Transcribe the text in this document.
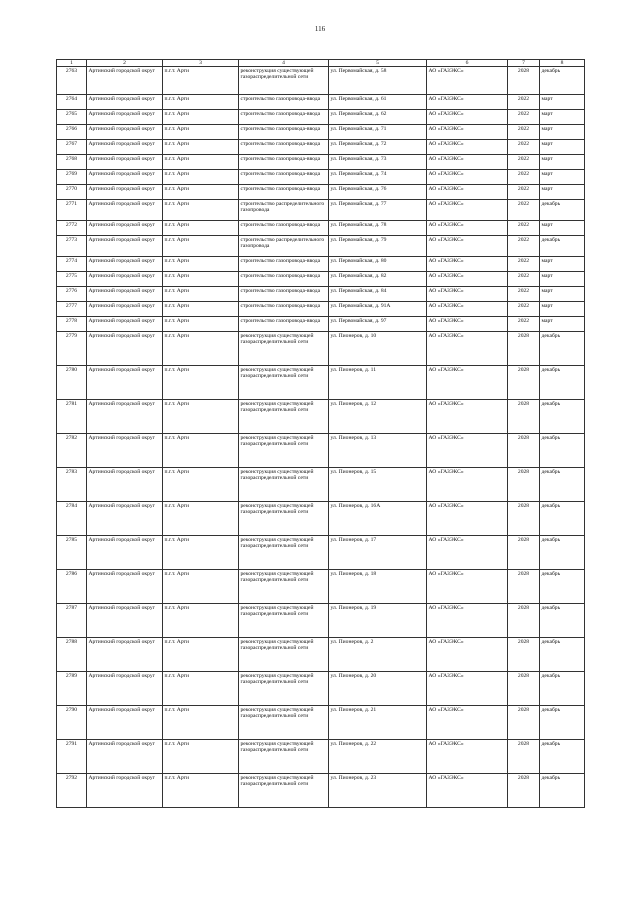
116
1	2	3	4	5	6	7	8
2763	Артинский городской округ	п.г.т. Арти	реконструкция существующей газораспределительной сети	ул. Первомайская, д. 58	АО «ГАЗЭКС»	2028	декабрь
2764	Артинский городской округ	п.г.т. Арти	строительство газопровода-ввода	ул. Первомайская, д. 61	АО «ГАЗЭКС»	2022	март
2765	Артинский городской округ	п.г.т. Арти	строительство газопровода-ввода	ул. Первомайская, д. 62	АО «ГАЗЭКС»	2022	март
2766	Артинский городской округ	п.г.т. Арти	строительство газопровода-ввода	ул. Первомайская, д. 71	АО «ГАЗЭКС»	2022	март
2767	Артинский городской округ	п.г.т. Арти	строительство газопровода-ввода	ул. Первомайская, д. 72	АО «ГАЗЭКС»	2022	март
2768	Артинский городской округ	п.г.т. Арти	строительство газопровода-ввода	ул. Первомайская, д. 73	АО «ГАЗЭКС»	2022	март
2769	Артинский городской округ	п.г.т. Арти	строительство газопровода-ввода	ул. Первомайская, д. 74	АО «ГАЗЭКС»	2022	март
2770	Артинский городской округ	п.г.т. Арти	строительство газопровода-ввода	ул. Первомайская, д. 76	АО «ГАЗЭКС»	2022	март
2771	Артинский городской округ	п.г.т. Арти	строительство распределительного газопровода	ул. Первомайская, д. 77	АО «ГАЗЭКС»	2022	декабрь
2772	Артинский городской округ	п.г.т. Арти	строительство газопровода-ввода	ул. Первомайская, д. 78	АО «ГАЗЭКС»	2022	март
2773	Артинский городской округ	п.г.т. Арти	строительство распределительного газопровода	ул. Первомайская, д. 79	АО «ГАЗЭКС»	2022	декабрь
2774	Артинский городской округ	п.г.т. Арти	строительство газопровода-ввода	ул. Первомайская, д. 80	АО «ГАЗЭКС»	2022	март
2775	Артинский городской округ	п.г.т. Арти	строительство газопровода-ввода	ул. Первомайская, д. 82	АО «ГАЗЭКС»	2022	март
2776	Артинский городской округ	п.г.т. Арти	строительство газопровода-ввода	ул. Первомайская, д. 84	АО «ГАЗЭКС»	2022	март
2777	Артинский городской округ	п.г.т. Арти	строительство газопровода-ввода	ул. Первомайская, д. 91А	АО «ГАЗЭКС»	2022	март
2778	Артинский городской округ	п.г.т. Арти	строительство газопровода-ввода	ул. Первомайская, д. 97	АО «ГАЗЭКС»	2022	март
2779	Артинский городской округ	п.г.т. Арти	реконструкция существующей газораспределительной сети	ул. Пионеров, д. 10	АО «ГАЗЭКС»	2028	декабрь
2780	Артинский городской округ	п.г.т. Арти	реконструкция существующей газораспределительной сети	ул. Пионеров, д. 11	АО «ГАЗЭКС»	2028	декабрь
2781	Артинский городской округ	п.г.т. Арти	реконструкция существующей газораспределительной сети	ул. Пионеров, д. 12	АО «ГАЗЭКС»	2028	декабрь
2782	Артинский городской округ	п.г.т. Арти	реконструкция существующей газораспределительной сети	ул. Пионеров, д. 13	АО «ГАЗЭКС»	2028	декабрь
2783	Артинский городской округ	п.г.т. Арти	реконструкция существующей газораспределительной сети	ул. Пионеров, д. 15	АО «ГАЗЭКС»	2028	декабрь
2784	Артинский городской округ	п.г.т. Арти	реконструкция существующей газораспределительной сети	ул. Пионеров, д. 16А	АО «ГАЗЭКС»	2028	декабрь
2785	Артинский городской округ	п.г.т. Арти	реконструкция существующей газораспределительной сети	ул. Пионеров, д. 17	АО «ГАЗЭКС»	2028	декабрь
2786	Артинский городской округ	п.г.т. Арти	реконструкция существующей газораспределительной сети	ул. Пионеров, д. 18	АО «ГАЗЭКС»	2028	декабрь
2787	Артинский городской округ	п.г.т. Арти	реконструкция существующей газораспределительной сети	ул. Пионеров, д. 19	АО «ГАЗЭКС»	2028	декабрь
2788	Артинский городской округ	п.г.т. Арти	реконструкция существующей газораспределительной сети	ул. Пионеров, д. 2	АО «ГАЗЭКС»	2028	декабрь
2789	Артинский городской округ	п.г.т. Арти	реконструкция существующей газораспределительной сети	ул. Пионеров, д. 20	АО «ГАЗЭКС»	2028	декабрь
2790	Артинский городской округ	п.г.т. Арти	реконструкция существующей газораспределительной сети	ул. Пионеров, д. 21	АО «ГАЗЭКС»	2028	декабрь
2791	Артинский городской округ	п.г.т. Арти	реконструкция существующей газораспределительной сети	ул. Пионеров, д. 22	АО «ГАЗЭКС»	2028	декабрь
2792	Артинский городской округ	п.г.т. Арти	реконструкция существующей газораспределительной сети	ул. Пионеров, д. 23	АО «ГАЗЭКС»	2028	декабрь
